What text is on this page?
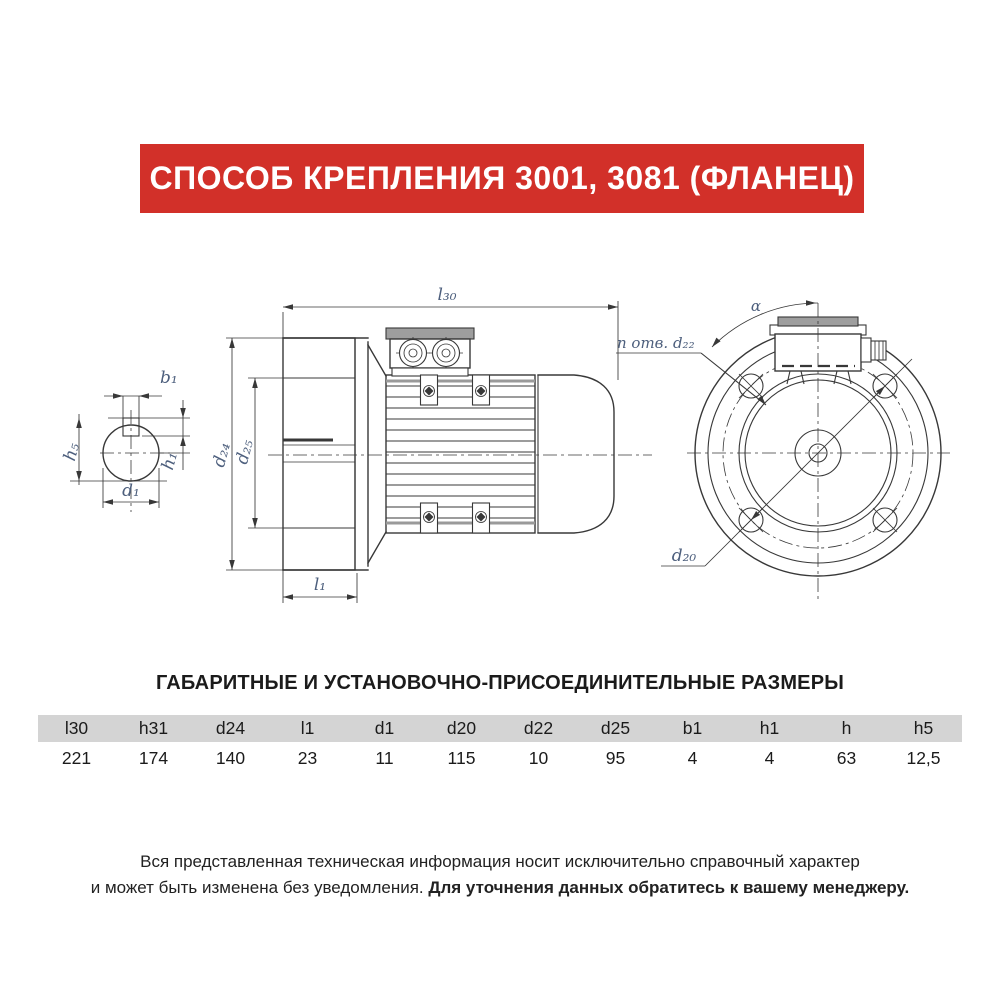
СПОСОБ КРЕПЛЕНИЯ 3001, 3081 (ФЛАНЕЦ)
b₁
h₅	h₁
d₁
l₃₀
l₁
d₂₄
d₂₅
α
n отв. d₂₂
d₂₀
ГАБАРИТНЫЕ И УСТАНОВОЧНО-ПРИСОЕДИНИТЕЛЬНЫЕ РАЗМЕРЫ
l30	h31	d24	l1	d1	d20	d22	d25	b1	h1	h	h5
221	174	140	23	11	115	10	95	4	4	63	12,5
Вся представленная техническая информация носит исключительно справочный характер
и может быть изменена без уведомления. Для уточнения данных обратитесь к вашему менеджеру.
